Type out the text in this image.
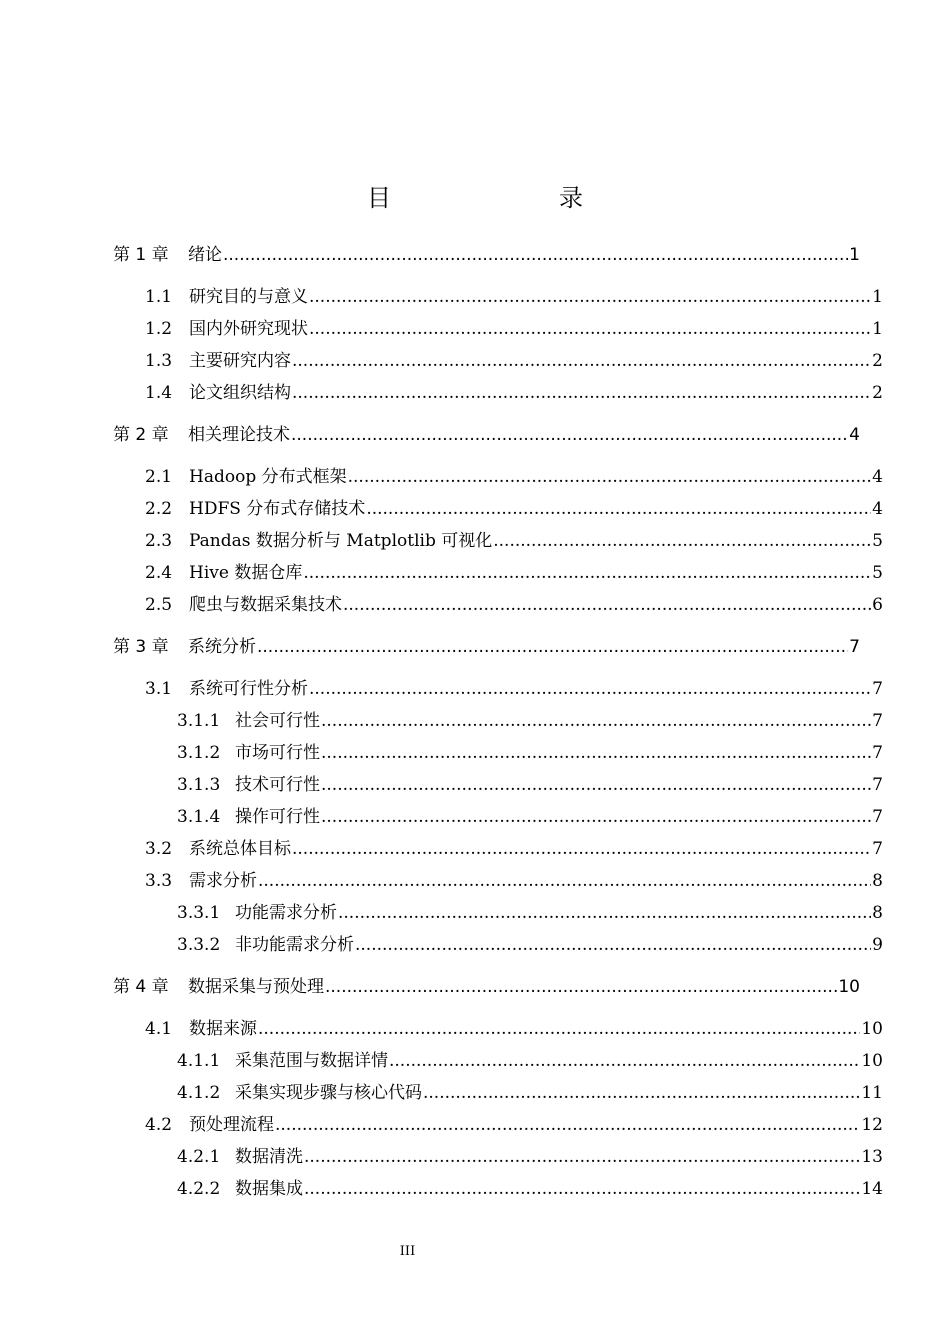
目　　录
第 1 章	绪论 .....	1
1.1 研究目的与意义 .....	1
1.2 国内外研究现状 .....	1
1.3 主要研究内容 .....	2
1.4 论文组织结构 .....	2
第 2 章	相关理论技术 .....	4
2.1 Hadoop 分布式框架 .....	4
2.2 HDFS 分布式存储技术 .....	4
2.3 Pandas 数据分析与 Matplotlib 可视化 .....	5
2.4 Hive 数据仓库 .....	5
2.5 爬虫与数据采集技术 .....	6
第 3 章	系统分析 .....	7
3.1 系统可行性分析 .....	7
3.1.1 社会可行性 .....	7
3.1.2 市场可行性 .....	7
3.1.3 技术可行性 .....	7
3.1.4 操作可行性 .....	7
3.2 系统总体目标 .....	7
3.3 需求分析 .....	8
3.3.1 功能需求分析 .....	8
3.3.2 非功能需求分析 .....	9
第 4 章	数据采集与预处理 .....	10
4.1 数据来源 .....	10
4.1.1 采集范围与数据详情 .....	10
4.1.2 采集实现步骤与核心代码 .....	11
4.2 预处理流程 .....	12
4.2.1 数据清洗 .....	13
4.2.2 数据集成 .....	14
III
